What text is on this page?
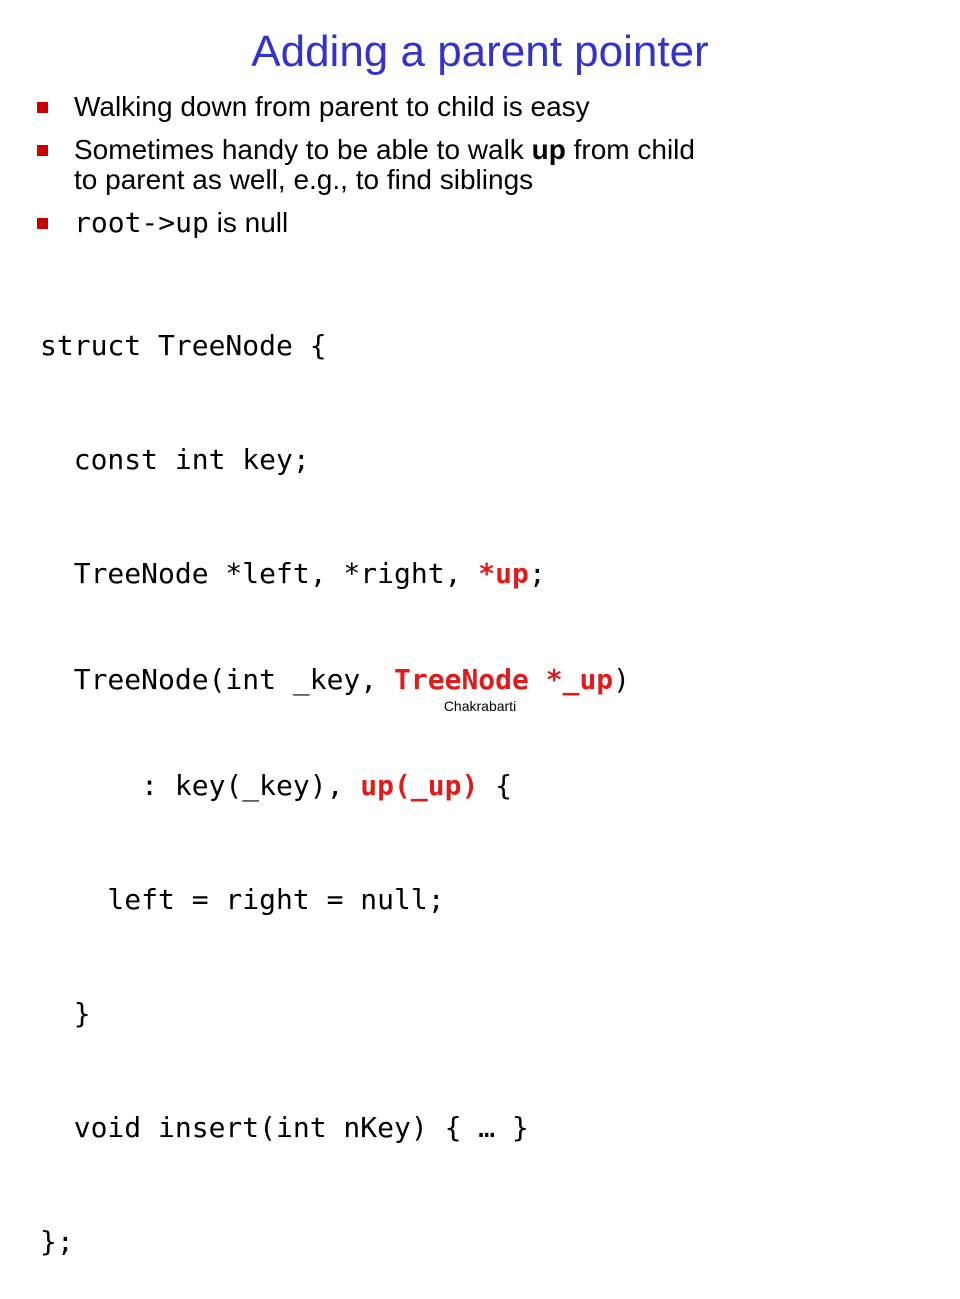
Adding a parent pointer
Walking down from parent to child is easy
Sometimes handy to be able to walk up from child
to parent as well, e.g., to find siblings
root->up is null

struct TreeNode {

const int key;

TreeNode *left, *right, *up;

TreeNode(int _key, TreeNode *_up)

: key(_key), up(_up) {

left = right = null;

}

void insert(int nKey) { … }

};

Chakrabarti
